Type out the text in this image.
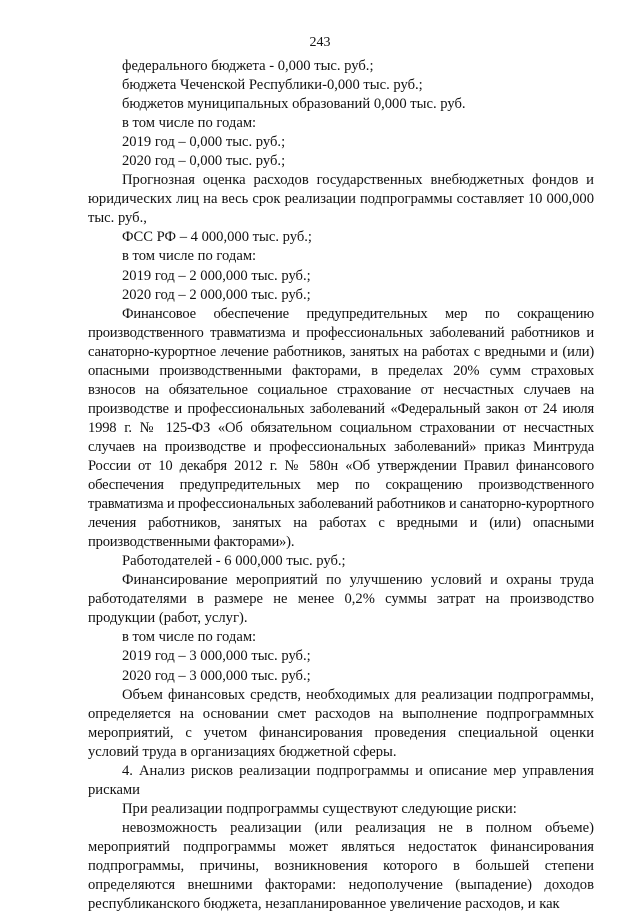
243

федерального бюджета - 0,000 тыс. руб.;

бюджета Чеченской Республики-0,000 тыс. руб.;

бюджетов муниципальных образований 0,000 тыс. руб.

в том числе по годам:

2019 год – 0,000 тыс. руб.;

2020 год – 0,000 тыс. руб.;

Прогнозная оценка расходов государственных внебюджетных фондов и юридических лиц на весь срок реализации подпрограммы составляет 10 000,000 тыс. руб.,

ФСС РФ – 4 000,000 тыс. руб.;

в том числе по годам:

2019 год – 2 000,000 тыс. руб.;

2020 год – 2 000,000 тыс. руб.;

Финансовое обеспечение предупредительных мер по сокращению производственного травматизма и профессиональных заболеваний работников и санаторно-курортное лечение работников, занятых на работах с вредными и (или) опасными производственными факторами, в пределах 20% сумм страховых взносов на обязательное социальное страхование от несчастных случаев на производстве и профессиональных заболеваний «Федеральный закон от 24 июля 1998 г. № 125-ФЗ «Об обязательном социальном страховании от несчастных случаев на производстве и профессиональных заболеваний» приказ Минтруда России от 10 декабря 2012 г. № 580н «Об утверждении Правил финансового обеспечения предупредительных мер по сокращению производственного травматизма и профессиональных заболеваний работников и санаторно-курортного лечения работников, занятых на работах с вредными и (или) опасными производственными факторами»).

Работодателей - 6 000,000 тыс. руб.;

Финансирование мероприятий по улучшению условий и охраны труда работодателями в размере не менее 0,2% суммы затрат на производство продукции (работ, услуг).

в том числе по годам:

2019 год – 3 000,000 тыс. руб.;

2020 год – 3 000,000 тыс. руб.;

Объем финансовых средств, необходимых для реализации подпрограммы, определяется на основании смет расходов на выполнение подпрограммных мероприятий, с учетом финансирования проведения специальной оценки условий труда в организациях бюджетной сферы.

4. Анализ рисков реализации подпрограммы и описание мер управления рисками

При реализации подпрограммы существуют следующие риски:

невозможность реализации (или реализация не в полном объеме) мероприятий подпрограммы может являться недостаток финансирования подпрограммы, причины, возникновения которого в большей степени определяются внешними факторами: недополучение (выпадение) доходов республиканского бюджета, незапланированное увеличение расходов, и как
